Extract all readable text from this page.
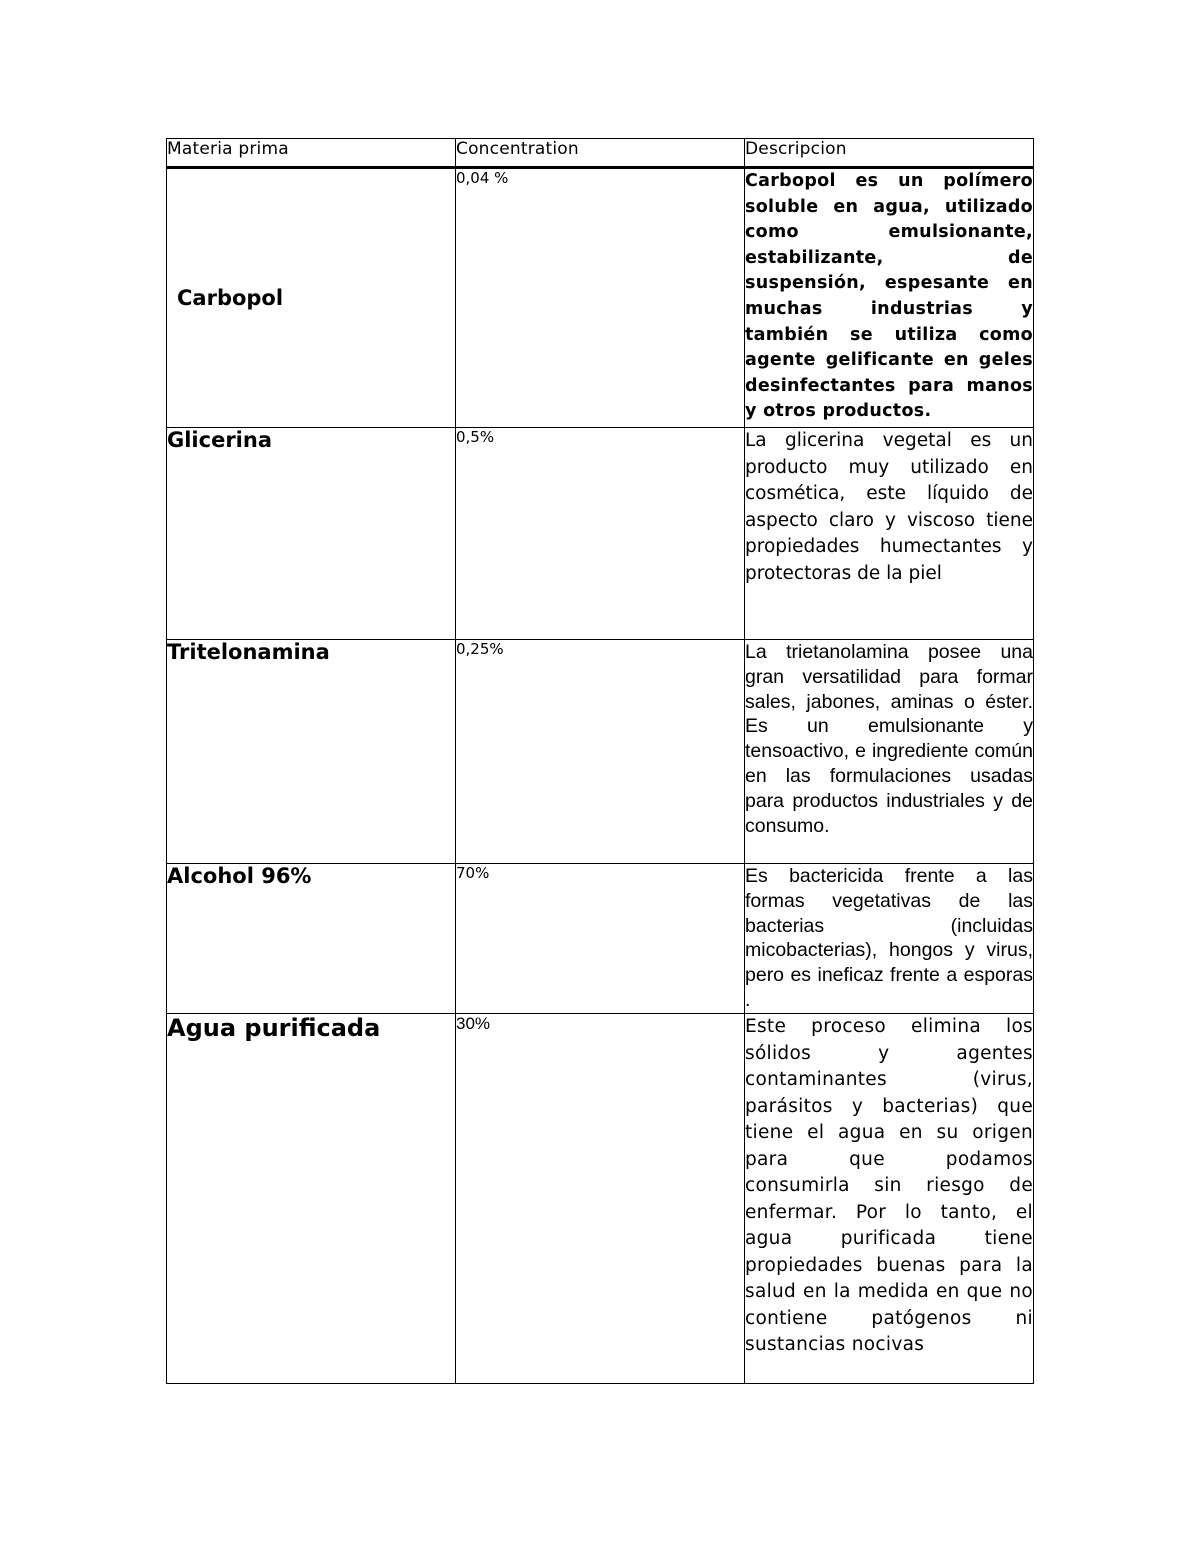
Materia prima	Concentration	Descripcion
Carbopol	0,04 %	Carbopol es un polímero soluble en agua, utilizado como emulsionante, estabilizante, de suspensión, espesante en muchas industrias y también se utiliza como agente gelificante en geles desinfectantes para manos y otros productos.
Glicerina	0,5%	La glicerina vegetal es un producto muy utilizado en cosmética, este líquido de aspecto claro y viscoso tiene propiedades humectantes y protectoras de la piel
Tritelonamina	0,25%	La trietanolamina posee una gran versatilidad para formar sales, jabones, aminas o éster. Es un emulsionante y tensoactivo, e ingrediente común en las formulaciones usadas para productos industriales y de consumo.
Alcohol 96%	70%	Es bactericida frente a las formas vegetativas de las bacterias (incluidas micobacterias), hongos y virus, pero es ineficaz frente a esporas .
Agua purificada	30%	Este proceso elimina los sólidos y agentes contaminantes (virus, parásitos y bacterias) que tiene el agua en su origen para que podamos consumirla sin riesgo de enfermar. Por lo tanto, el agua purificada tiene propiedades buenas para la salud en la medida en que no contiene patógenos ni sustancias nocivas
